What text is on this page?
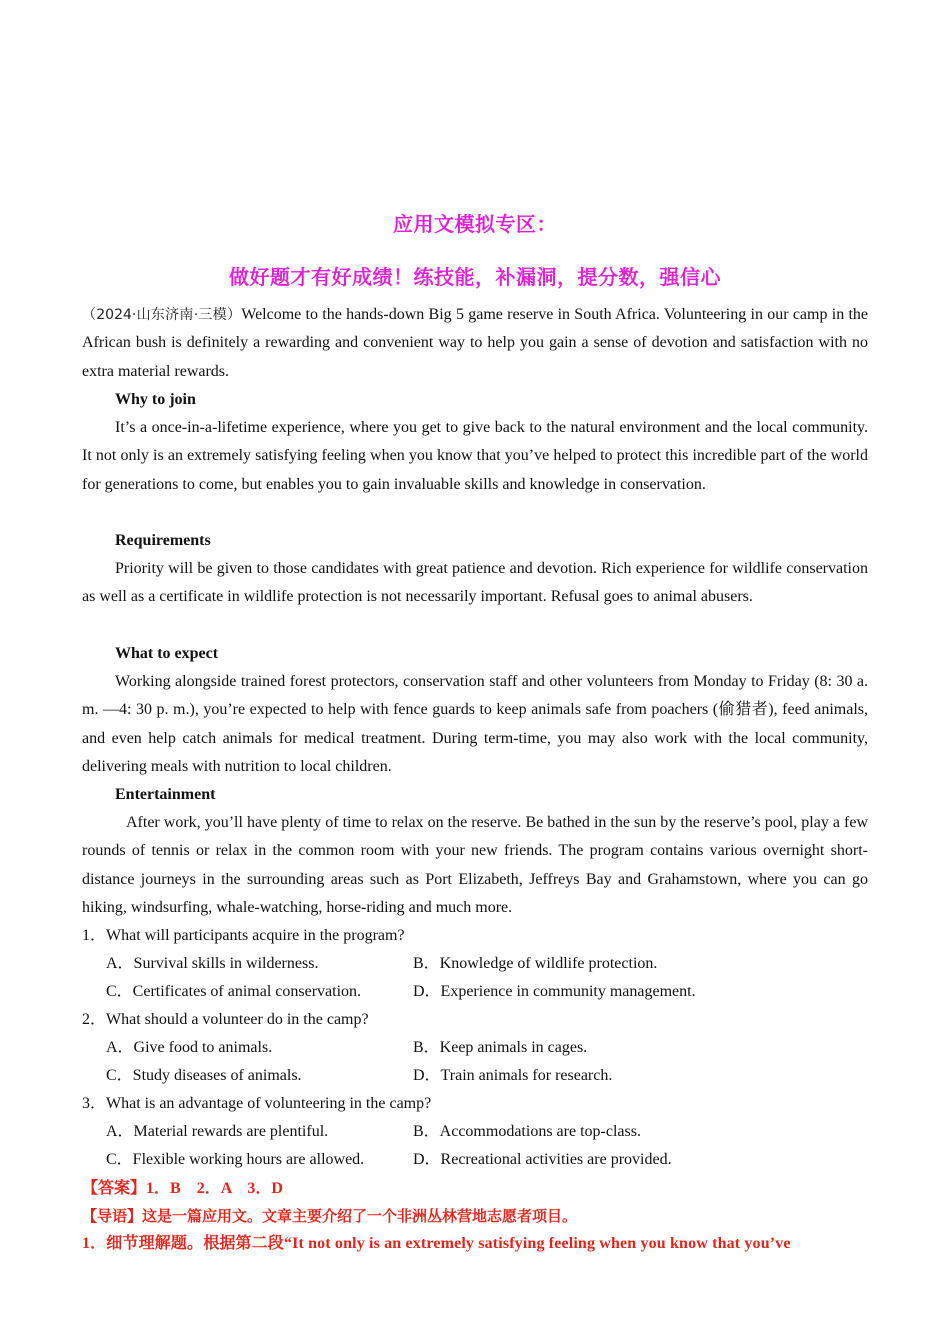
应用文模拟专区：
做好题才有好成绩！练技能，补漏洞，提分数，强信心
（2024·山东济南·三模）Welcome to the hands-down Big 5 game reserve in South Africa. Volunteering in our camp in the African bush is definitely a rewarding and convenient way to help you gain a sense of devotion and satisfaction with no extra material rewards.
Why to join
It’s a once-in-a-lifetime experience, where you get to give back to the natural environment and the local community. It not only is an extremely satisfying feeling when you know that you’ve helped to protect this incredible part of the world for generations to come, but enables you to gain invaluable skills and knowledge in conservation.
Requirements
Priority will be given to those candidates with great patience and devotion. Rich experience for wildlife conservation as well as a certificate in wildlife protection is not necessarily important. Refusal goes to animal abusers.
What to expect
Working alongside trained forest protectors, conservation staff and other volunteers from Monday to Friday (8: 30 a. m. —4: 30 p. m.), you’re expected to help with fence guards to keep animals safe from poachers (偷猎者), feed animals, and even help catch animals for medical treatment. During term-time, you may also work with the local community, delivering meals with nutrition to local children.
Entertainment
After work, you’ll have plenty of time to relax on the reserve. Be bathed in the sun by the reserve’s pool, play a few rounds of tennis or relax in the common room with your new friends. The program contains various overnight short-distance journeys in the surrounding areas such as Port Elizabeth, Jeffreys Bay and Grahamstown, where you can go hiking, windsurfing, whale-watching, horse-riding and much more.
1．What will participants acquire in the program?
A．Survival skills in wilderness.	B．Knowledge of wildlife protection.
C．Certificates of animal conservation.	D．Experience in community management.
2．What should a volunteer do in the camp?
A．Give food to animals.	B．Keep animals in cages.
C．Study diseases of animals.	D．Train animals for research.
3．What is an advantage of volunteering in the camp?
A．Material rewards are plentiful.	B．Accommodations are top-class.
C．Flexible working hours are allowed.	D．Recreational activities are provided.
【答案】1．B　2．A　3．D
【导语】这是一篇应用文。文章主要介绍了一个非洲丛林营地志愿者项目。
1．细节理解题。根据第二段“It not only is an extremely satisfying feeling when you know that you’ve
